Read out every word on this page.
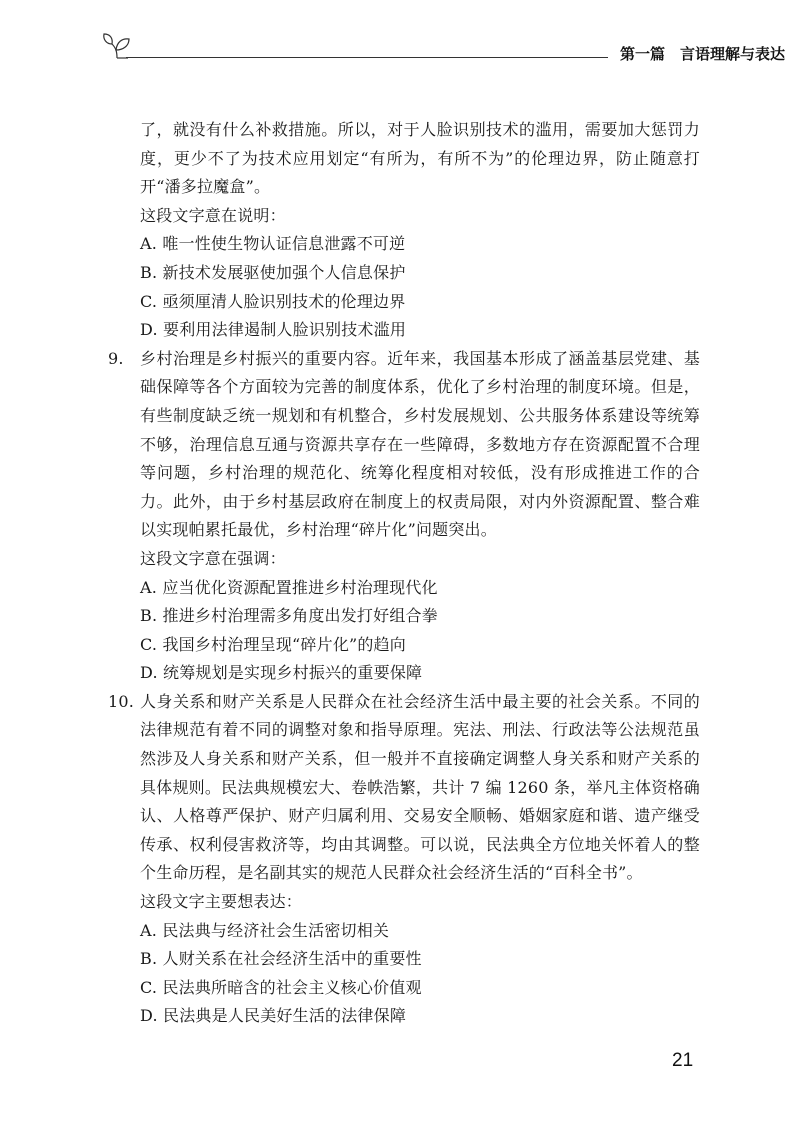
第一篇　言语理解与表达

了，就没有什么补救措施。所以，对于人脸识别技术的滥用，需要加大惩罚力度，更少不了为技术应用划定“有所为，有所不为”的伦理边界，防止随意打开“潘多拉魔盒”。

这段文字意在说明：

A. 唯一性使生物认证信息泄露不可逆

B. 新技术发展驱使加强个人信息保护

C. 亟须厘清人脸识别技术的伦理边界

D. 要利用法律遏制人脸识别技术滥用

9. 乡村治理是乡村振兴的重要内容。近年来，我国基本形成了涵盖基层党建、基础保障等各个方面较为完善的制度体系，优化了乡村治理的制度环境。但是，有些制度缺乏统一规划和有机整合，乡村发展规划、公共服务体系建设等统筹不够，治理信息互通与资源共享存在一些障碍，多数地方存在资源配置不合理等问题，乡村治理的规范化、统筹化程度相对较低，没有形成推进工作的合力。此外，由于乡村基层政府在制度上的权责局限，对内外资源配置、整合难以实现帕累托最优，乡村治理“碎片化”问题突出。

这段文字意在强调：

A. 应当优化资源配置推进乡村治理现代化

B. 推进乡村治理需多角度出发打好组合拳

C. 我国乡村治理呈现“碎片化”的趋向

D. 统筹规划是实现乡村振兴的重要保障

10. 人身关系和财产关系是人民群众在社会经济生活中最主要的社会关系。不同的法律规范有着不同的调整对象和指导原理。宪法、刑法、行政法等公法规范虽然涉及人身关系和财产关系，但一般并不直接确定调整人身关系和财产关系的具体规则。民法典规模宏大、卷帙浩繁，共计 7 编 1260 条，举凡主体资格确认、人格尊严保护、财产归属利用、交易安全顺畅、婚姻家庭和谐、遗产继受传承、权利侵害救济等，均由其调整。可以说，民法典全方位地关怀着人的整个生命历程，是名副其实的规范人民群众社会经济生活的“百科全书”。

这段文字主要想表达：

A. 民法典与经济社会生活密切相关

B. 人财关系在社会经济生活中的重要性

C. 民法典所暗含的社会主义核心价值观

D. 民法典是人民美好生活的法律保障

21
